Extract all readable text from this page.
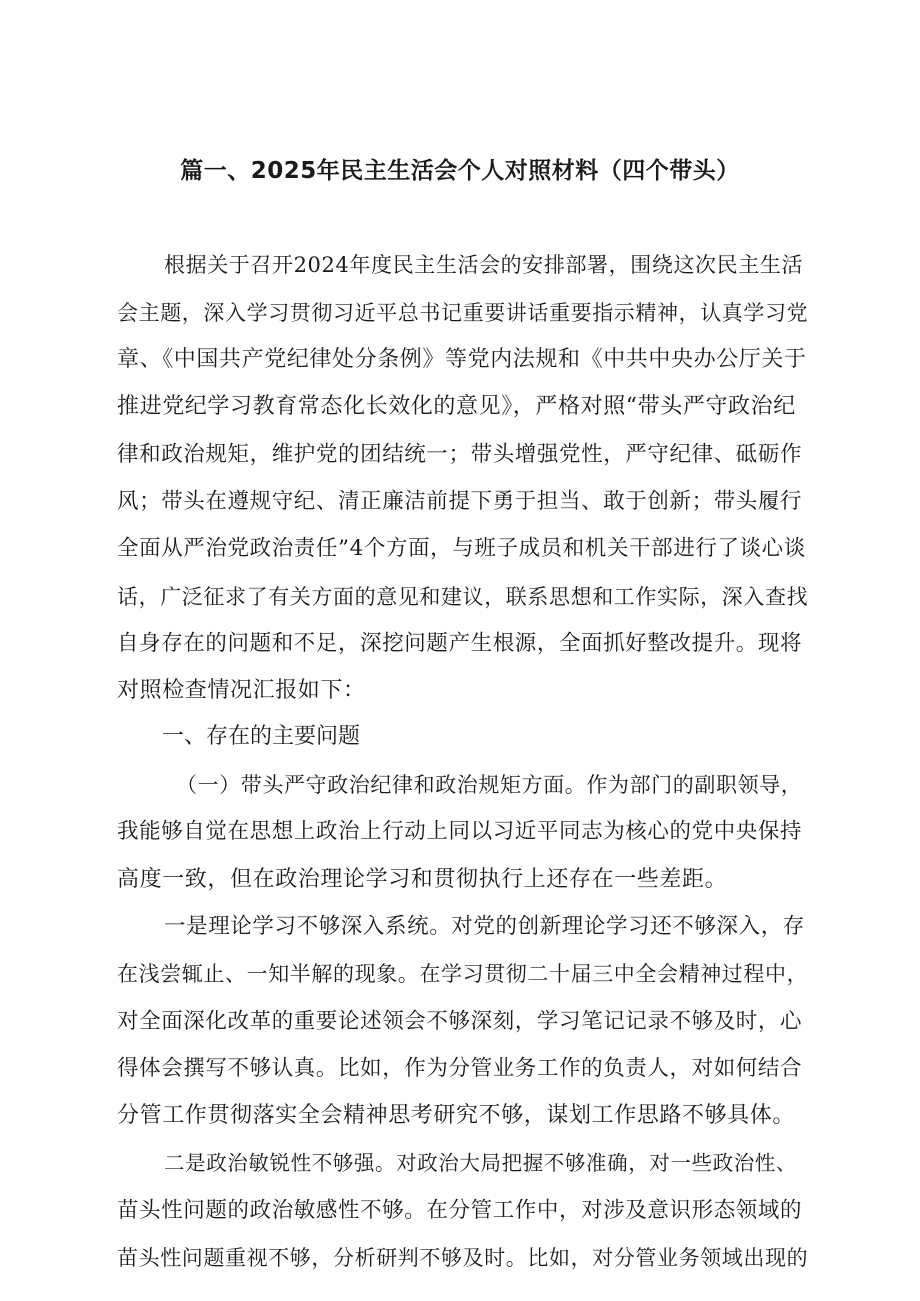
篇一、2025年民主生活会个人对照材料（四个带头）
根据关于召开2024年度民主生活会的安排部署，围绕这次民主生活
会主题，深入学习贯彻习近平总书记重要讲话重要指示精神，认真学习党
章、《中国共产党纪律处分条例》等党内法规和《中共中央办公厅关于
推进党纪学习教育常态化长效化的意见》，严格对照“带头严守政治纪
律和政治规矩，维护党的团结统一；带头增强党性，严守纪律、砥砺作
风；带头在遵规守纪、清正廉洁前提下勇于担当、敢于创新；带头履行
全面从严治党政治责任”4个方面，与班子成员和机关干部进行了谈心谈
话，广泛征求了有关方面的意见和建议，联系思想和工作实际，深入查找
自身存在的问题和不足，深挖问题产生根源，全面抓好整改提升。现将
对照检查情况汇报如下：
一、存在的主要问题
（一）带头严守政治纪律和政治规矩方面。作为部门的副职领导，
我能够自觉在思想上政治上行动上同以习近平同志为核心的党中央保持
高度一致，但在政治理论学习和贯彻执行上还存在一些差距。
一是理论学习不够深入系统。对党的创新理论学习还不够深入，存
在浅尝辄止、一知半解的现象。在学习贯彻二十届三中全会精神过程中，
对全面深化改革的重要论述领会不够深刻，学习笔记记录不够及时，心
得体会撰写不够认真。比如，作为分管业务工作的负责人，对如何结合
分管工作贯彻落实全会精神思考研究不够，谋划工作思路不够具体。
二是政治敏锐性不够强。对政治大局把握不够准确，对一些政治性、
苗头性问题的政治敏感性不够。在分管工作中，对涉及意识形态领域的
苗头性问题重视不够，分析研判不够及时。比如，对分管业务领域出现的
